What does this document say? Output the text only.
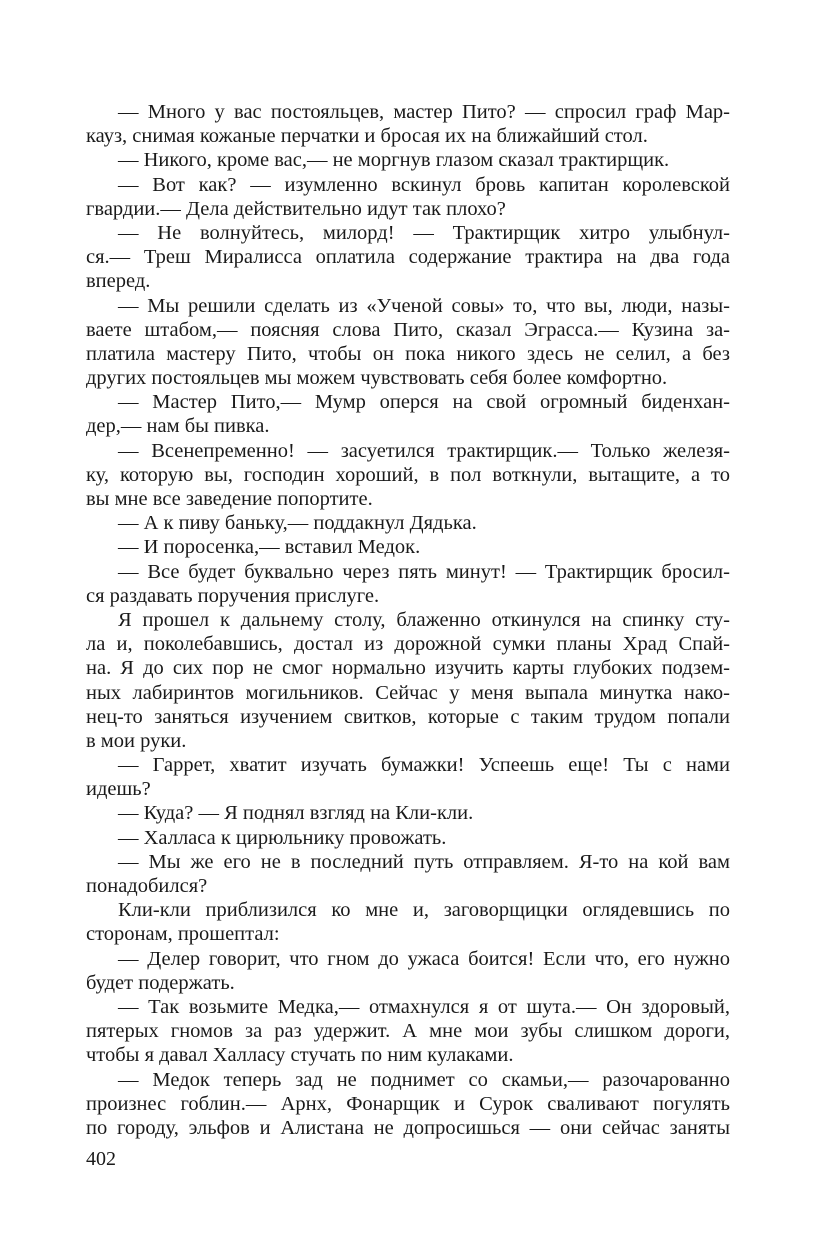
— Много у вас постояльцев, мастер Пито? — спросил граф Мар-
кауз, снимая кожаные перчатки и бросая их на ближайший стол.
— Никого, кроме вас,— не моргнув глазом сказал трактирщик.
— Вот как? — изумленно вскинул бровь капитан королевской
гвардии.— Дела действительно идут так плохо?
— Не волнуйтесь, милорд! — Трактирщик хитро улыбнул-
ся.— Треш Миралисса оплатила содержание трактира на два года
вперед.
— Мы решили сделать из «Ученой совы» то, что вы, люди, назы-
ваете штабом,— поясняя слова Пито, сказал Эграсса.— Кузина за-
платила мастеру Пито, чтобы он пока никого здесь не селил, а без
других постояльцев мы можем чувствовать себя более комфортно.
— Мастер Пито,— Мумр оперся на свой огромный биденхан-
дер,— нам бы пивка.
— Всенепременно! — засуетился трактирщик.— Только железя-
ку, которую вы, господин хороший, в пол воткнули, вытащите, а то
вы мне все заведение попортите.
— А к пиву баньку,— поддакнул Дядька.
— И поросенка,— вставил Медок.
— Все будет буквально через пять минут! — Трактирщик бросил-
ся раздавать поручения прислуге.
Я прошел к дальнему столу, блаженно откинулся на спинку сту-
ла и, поколебавшись, достал из дорожной сумки планы Храд Спай-
на. Я до сих пор не смог нормально изучить карты глубоких подзем-
ных лабиринтов могильников. Сейчас у меня выпала минутка нако-
нец-то заняться изучением свитков, которые с таким трудом попали
в мои руки.
— Гаррет, хватит изучать бумажки! Успеешь еще! Ты с нами
идешь?
— Куда? — Я поднял взгляд на Кли-кли.
— Халласа к цирюльнику провожать.
— Мы же его не в последний путь отправляем. Я-то на кой вам
понадобился?
Кли-кли приблизился ко мне и, заговорщицки оглядевшись по
сторонам, прошептал:
— Делер говорит, что гном до ужаса боится! Если что, его нужно
будет подержать.
— Так возьмите Медка,— отмахнулся я от шута.— Он здоровый,
пятерых гномов за раз удержит. А мне мои зубы слишком дороги,
чтобы я давал Халласу стучать по ним кулаками.
— Медок теперь зад не поднимет со скамьи,— разочарованно
произнес гоблин.— Арнх, Фонарщик и Сурок сваливают погулять
по городу, эльфов и Алистана не допросишься — они сейчас заняты
402
